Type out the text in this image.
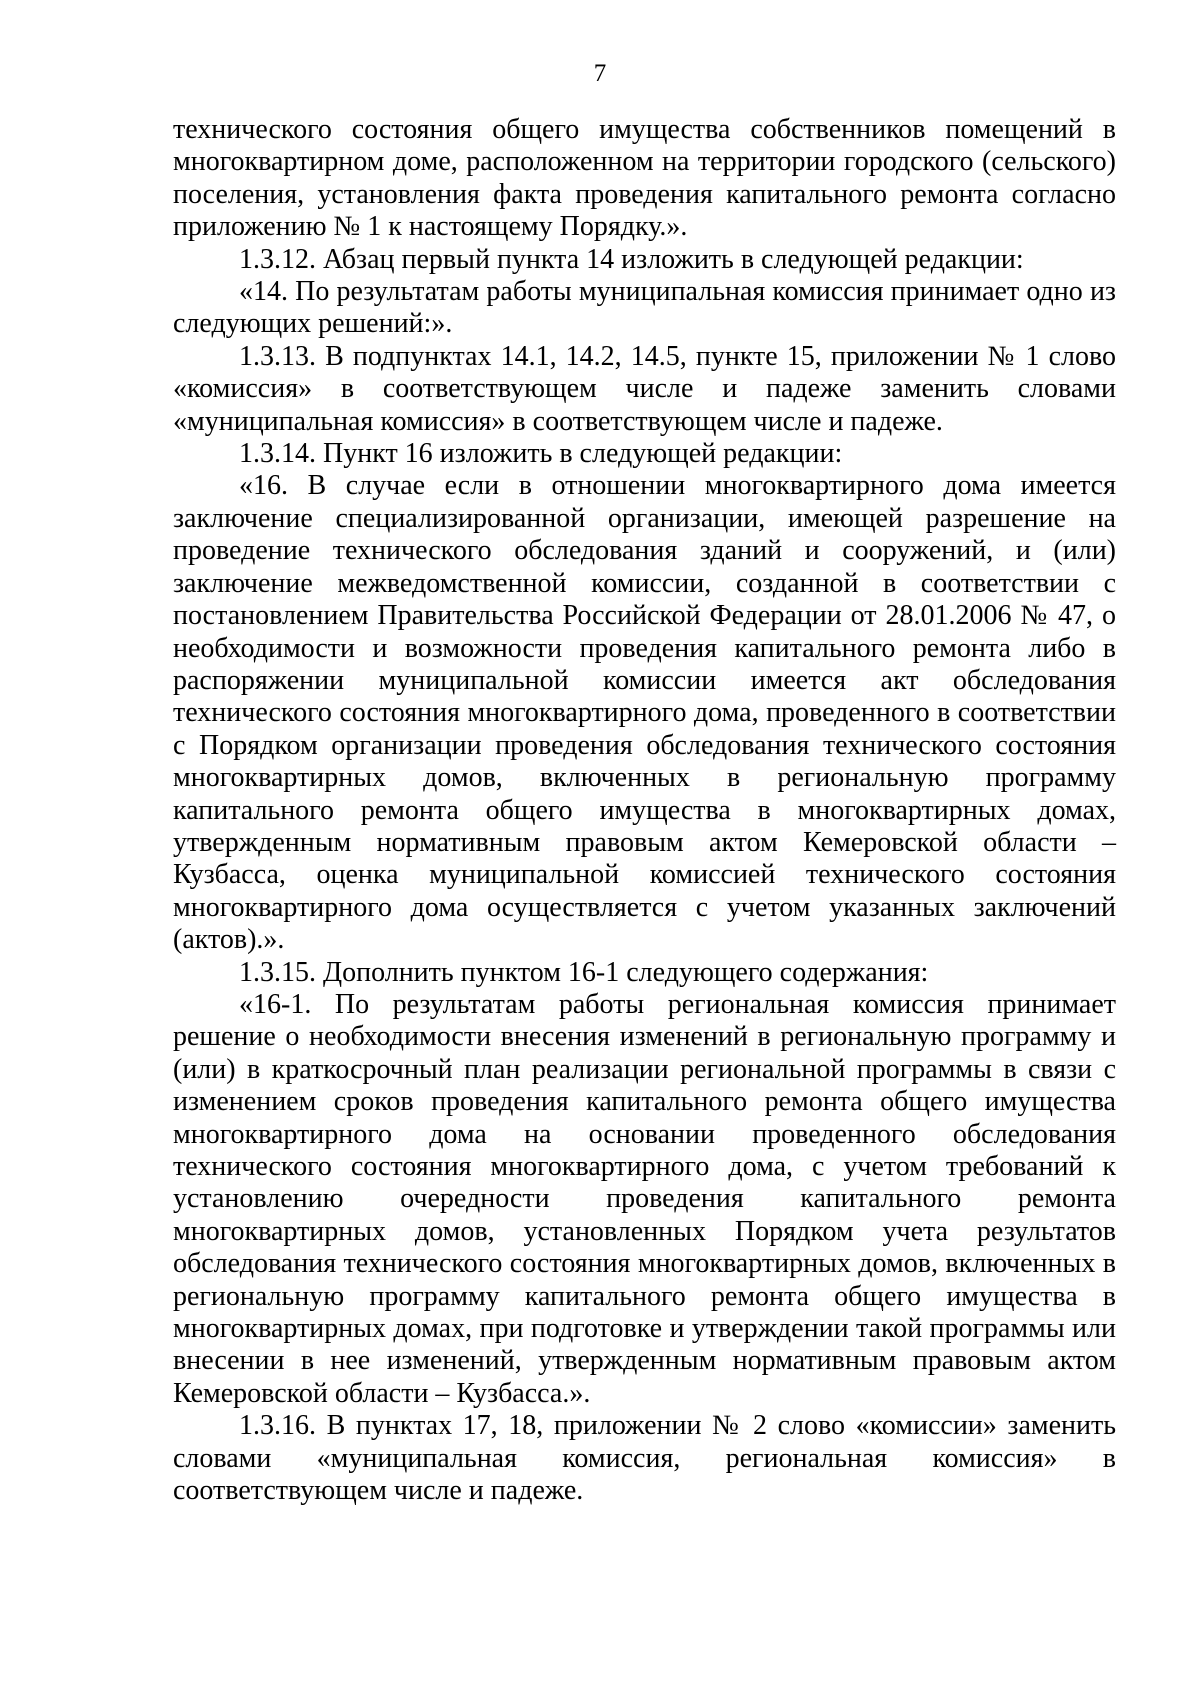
7

технического состояния общего имущества собственников помещений в многоквартирном доме, расположенном на территории городского (сельского) поселения, установления факта проведения капитального ремонта согласно приложению № 1 к настоящему Порядку.».

1.3.12. Абзац первый пункта 14 изложить в следующей редакции:

«14. По результатам работы муниципальная комиссия принимает одно из следующих решений:».

1.3.13. В подпунктах 14.1, 14.2, 14.5, пункте 15, приложении № 1 слово «комиссия» в соответствующем числе и падеже заменить словами «муниципальная комиссия» в соответствующем числе и падеже.

1.3.14. Пункт 16 изложить в следующей редакции:

«16. В случае если в отношении многоквартирного дома имеется заключение специализированной организации, имеющей разрешение на проведение технического обследования зданий и сооружений, и (или) заключение межведомственной комиссии, созданной в соответствии с постановлением Правительства Российской Федерации от 28.01.2006 № 47, о необходимости и возможности проведения капитального ремонта либо в распоряжении муниципальной комиссии имеется акт обследования технического состояния многоквартирного дома, проведенного в соответствии с Порядком организации проведения обследования технического состояния многоквартирных домов, включенных в региональную программу капитального ремонта общего имущества в многоквартирных домах, утвержденным нормативным правовым актом Кемеровской области – Кузбасса, оценка муниципальной комиссией технического состояния многоквартирного дома осуществляется с учетом указанных заключений (актов).».

1.3.15. Дополнить пунктом 16-1 следующего содержания:

«16-1. По результатам работы региональная комиссия принимает решение о необходимости внесения изменений в региональную программу и (или) в краткосрочный план реализации региональной программы в связи с изменением сроков проведения капитального ремонта общего имущества многоквартирного дома на основании проведенного обследования технического состояния многоквартирного дома, с учетом требований к установлению очередности проведения капитального ремонта многоквартирных домов, установленных Порядком учета результатов обследования технического состояния многоквартирных домов, включенных в региональную программу капитального ремонта общего имущества в многоквартирных домах, при подготовке и утверждении такой программы или внесении в нее изменений, утвержденным нормативным правовым актом Кемеровской области – Кузбасса.».

1.3.16. В пунктах 17, 18, приложении № 2 слово «комиссии» заменить словами «муниципальная комиссия, региональная комиссия» в соответствующем числе и падеже.
